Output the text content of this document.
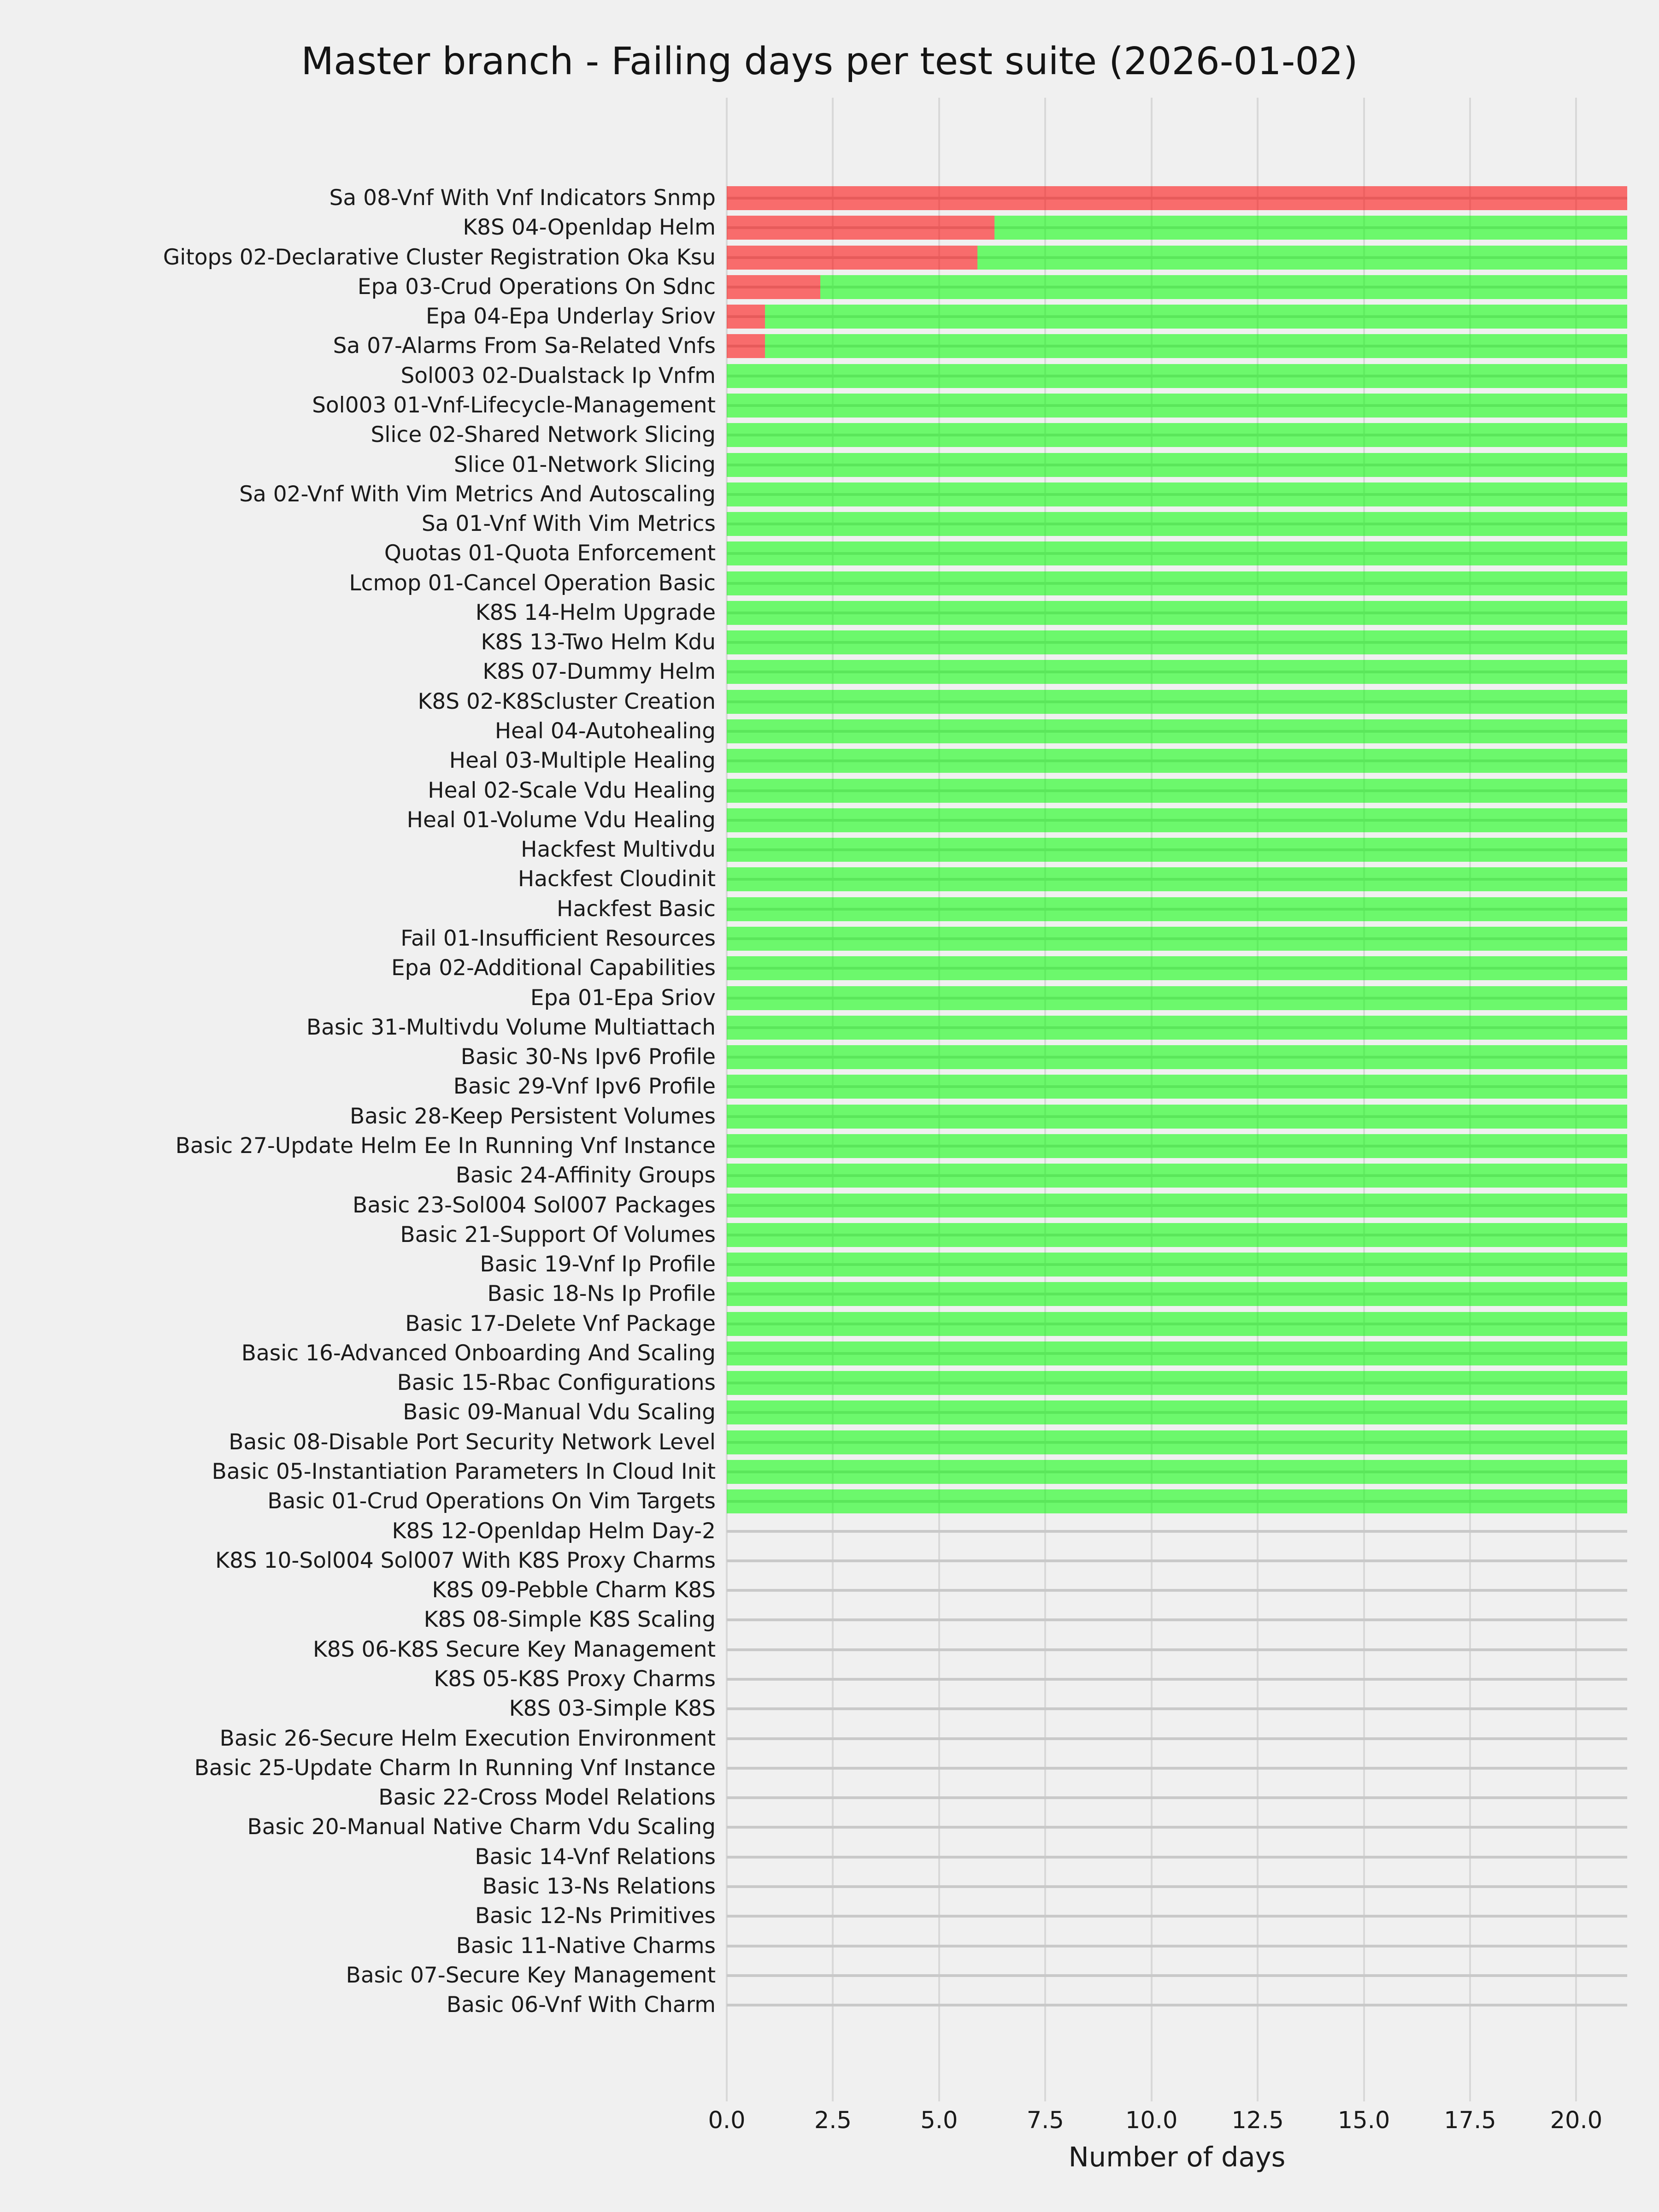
Master branch - Failing days per test suite (2026-01-02)
Number of days
0.0	2.5	5.0	7.5	10.0	12.5	15.0	17.5	20.0
Sa 08-Vnf With Vnf Indicators Snmp
K8S 04-Openldap Helm
Gitops 02-Declarative Cluster Registration Oka Ksu
Epa 03-Crud Operations On Sdnc
Epa 04-Epa Underlay Sriov
Sa 07-Alarms From Sa-Related Vnfs
Sol003 02-Dualstack Ip Vnfm
Sol003 01-Vnf-Lifecycle-Management
Slice 02-Shared Network Slicing
Slice 01-Network Slicing
Sa 02-Vnf With Vim Metrics And Autoscaling
Sa 01-Vnf With Vim Metrics
Quotas 01-Quota Enforcement
Lcmop 01-Cancel Operation Basic
K8S 14-Helm Upgrade
K8S 13-Two Helm Kdu
K8S 07-Dummy Helm
K8S 02-K8Scluster Creation
Heal 04-Autohealing
Heal 03-Multiple Healing
Heal 02-Scale Vdu Healing
Heal 01-Volume Vdu Healing
Hackfest Multivdu
Hackfest Cloudinit
Hackfest Basic
Fail 01-Insufficient Resources
Epa 02-Additional Capabilities
Epa 01-Epa Sriov
Basic 31-Multivdu Volume Multiattach
Basic 30-Ns Ipv6 Profile
Basic 29-Vnf Ipv6 Profile
Basic 28-Keep Persistent Volumes
Basic 27-Update Helm Ee In Running Vnf Instance
Basic 24-Affinity Groups
Basic 23-Sol004 Sol007 Packages
Basic 21-Support Of Volumes
Basic 19-Vnf Ip Profile
Basic 18-Ns Ip Profile
Basic 17-Delete Vnf Package
Basic 16-Advanced Onboarding And Scaling
Basic 15-Rbac Configurations
Basic 09-Manual Vdu Scaling
Basic 08-Disable Port Security Network Level
Basic 05-Instantiation Parameters In Cloud Init
Basic 01-Crud Operations On Vim Targets
K8S 12-Openldap Helm Day-2
K8S 10-Sol004 Sol007 With K8S Proxy Charms
K8S 09-Pebble Charm K8S
K8S 08-Simple K8S Scaling
K8S 06-K8S Secure Key Management
K8S 05-K8S Proxy Charms
K8S 03-Simple K8S
Basic 26-Secure Helm Execution Environment
Basic 25-Update Charm In Running Vnf Instance
Basic 22-Cross Model Relations
Basic 20-Manual Native Charm Vdu Scaling
Basic 14-Vnf Relations
Basic 13-Ns Relations
Basic 12-Ns Primitives
Basic 11-Native Charms
Basic 07-Secure Key Management
Basic 06-Vnf With Charm
